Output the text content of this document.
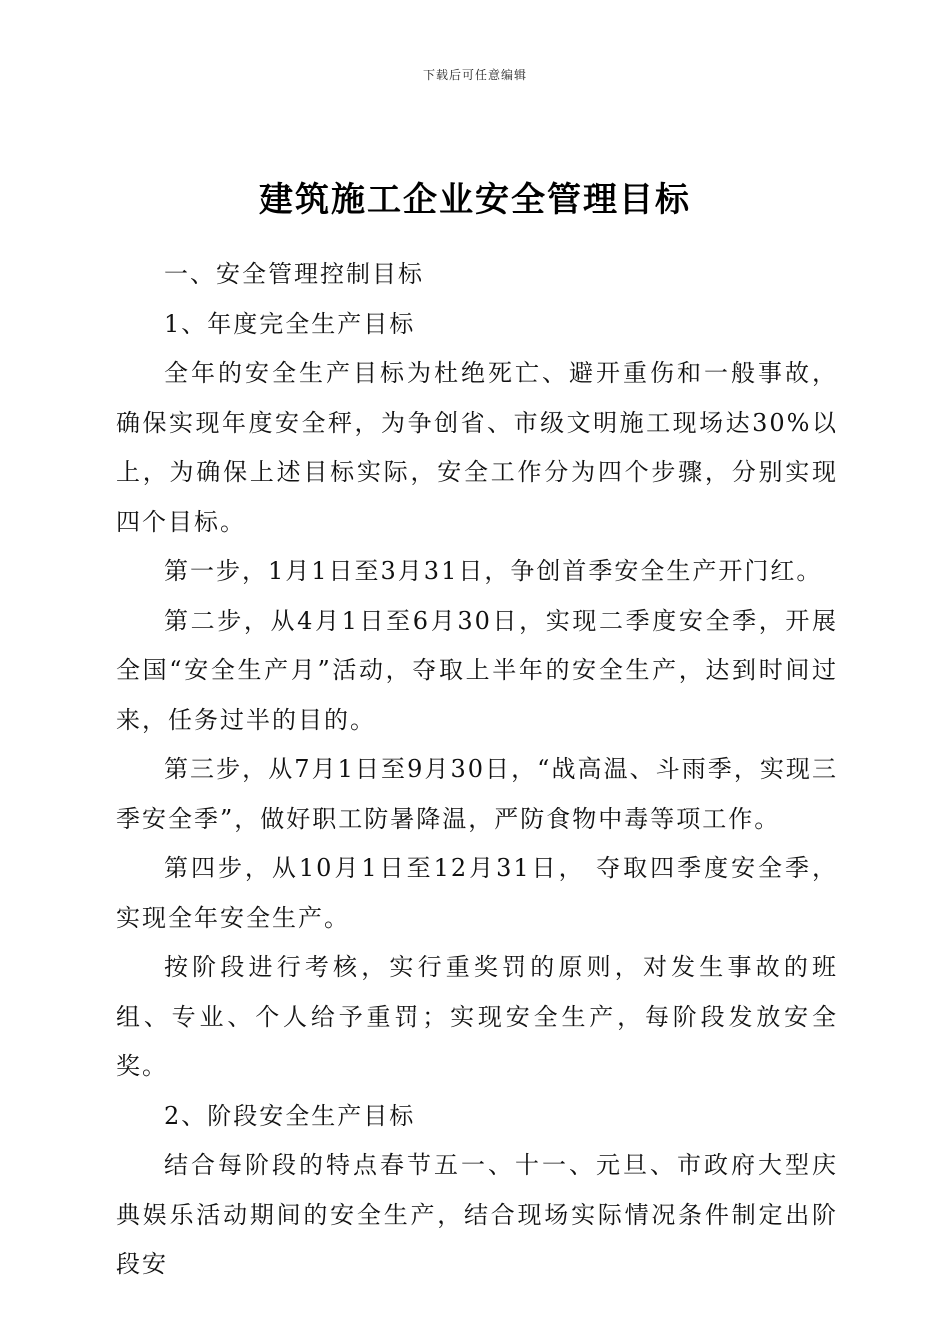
下载后可任意编辑
建筑施工企业安全管理目标

一、安全管理控制目标

1、年度完全生产目标

全年的安全生产目标为杜绝死亡、避开重伤和一般事故，确保实现年度安全秤，为争创省、市级文明施工现场达30%以上，为确保上述目标实际，安全工作分为四个步骤，分别实现四个目标。

第一步，1月1日至3月31日，争创首季安全生产开门红。

第二步，从4月1日至6月30日，实现二季度安全季，开展全国“安全生产月”活动，夺取上半年的安全生产，达到时间过来，任务过半的目的。

第三步，从7月1日至9月30日，“战高温、斗雨季，实现三季安全季”，做好职工防暑降温，严防食物中毒等项工作。

第四步，从10月1日至12月31日， 夺取四季度安全季，实现全年安全生产。

按阶段进行考核，实行重奖罚的原则，对发生事故的班组、专业、个人给予重罚；实现安全生产，每阶段发放安全奖。

2、阶段安全生产目标

结合每阶段的特点春节五一、十一、元旦、市政府大型庆典娱乐活动期间的安全生产，结合现场实际情况条件制定出阶段安
